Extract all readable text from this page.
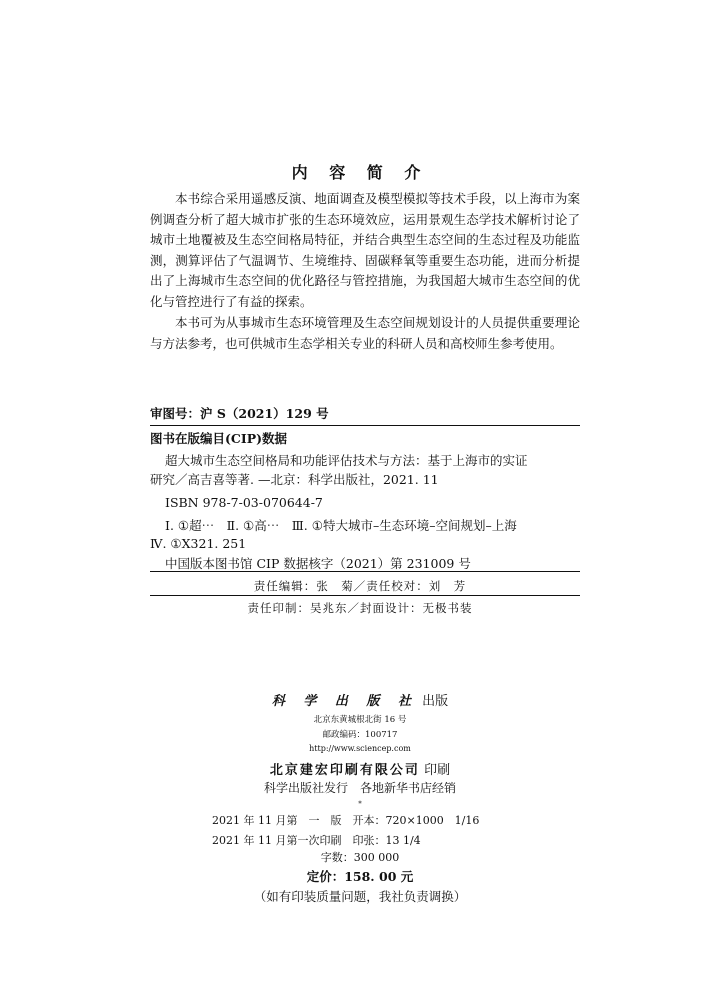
内 容 简 介

本书综合采用遥感反演、地面调查及模型模拟等技术手段，以上海市为案例调查分析了超大城市扩张的生态环境效应，运用景观生态学技术解析讨论了城市土地覆被及生态空间格局特征，并结合典型生态空间的生态过程及功能监测，测算评估了气温调节、生境维持、固碳释氧等重要生态功能，进而分析提出了上海城市生态空间的优化路径与管控措施，为我国超大城市生态空间的优化与管控进行了有益的探索。

本书可为从事城市生态环境管理及生态空间规划设计的人员提供重要理论与方法参考，也可供城市生态学相关专业的科研人员和高校师生参考使用。

审图号：沪 S（2021）129 号
图书在版编目(CIP)数据
超大城市生态空间格局和功能评估技术与方法：基于上海市的实证
研究／高吉喜等著. —北京：科学出版社，2021. 11
ISBN 978-7-03-070644-7
Ⅰ. ①超⋯　Ⅱ. ①高⋯　Ⅲ. ①特大城市–生态环境–空间规划–上海
Ⅳ. ①X321. 251
中国版本图书馆 CIP 数据核字（2021）第 231009 号
责任编辑：张　菊／责任校对：刘　芳
责任印制：吴兆东／封面设计：无极书装
科 学 出 版 社 出版
北京东黄城根北街 16 号
邮政编码：100717
http://www.sciencep.com
北京建宏印刷有限公司 印刷
科学出版社发行　各地新华书店经销
*
2021 年 11 月第　一　版　开本：720×1000　1/16
2021 年 11 月第一次印刷　印张：13 1/4
字数：300 000
定价：158. 00 元
（如有印装质量问题，我社负责调换）
